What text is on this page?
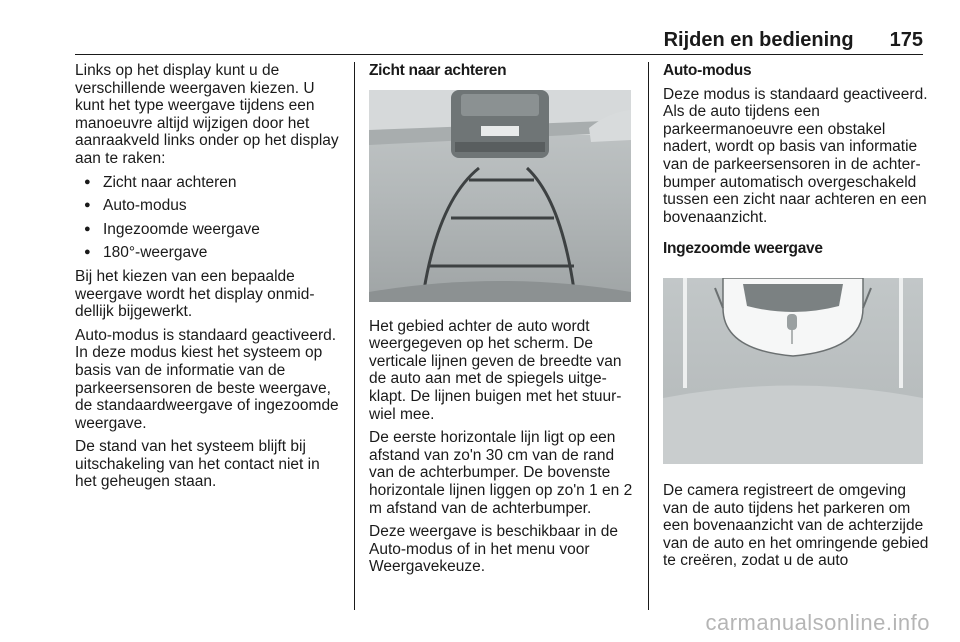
Rijden en bediening 175

Links op het display kunt u de verschillende weergaven kiezen. U kunt het type weergave tijdens een manoeuvre altijd wijzigen door het aanraakveld links onder op het display aan te raken:

● Zicht naar achteren
● Auto-modus
● Ingezoomde weergave
● 180°-weergave

Bij het kiezen van een bepaalde weergave wordt het display onmiddellijk bijgewerkt.

Auto-modus is standaard geactiveerd. In deze modus kiest het systeem op basis van de informatie van de parkeersensoren de beste weergave, de standaardweergave of ingezoomde weergave.

De stand van het systeem blijft bij uitschakeling van het contact niet in het geheugen staan.

Zicht naar achteren

Het gebied achter de auto wordt weergegeven op het scherm. De verticale lijnen geven de breedte van de auto aan met de spiegels uitgeklapt. De lijnen buigen met het stuurwiel mee.

De eerste horizontale lijn ligt op een afstand van zo'n 30 cm van de rand van de achterbumper. De bovenste horizontale lijnen liggen op zo'n 1 en 2 m afstand van de achterbumper.

Deze weergave is beschikbaar in de Auto-modus of in het menu voor Weergavekeuze.

Auto-modus

Deze modus is standaard geactiveerd. Als de auto tijdens een parkeermanoeuvre een obstakel nadert, wordt op basis van informatie van de parkeersensoren in de achterbumper automatisch overgeschakeld tussen een zicht naar achteren en een bovenaanzicht.

Ingezoomde weergave

De camera registreert de omgeving van de auto tijdens het parkeren om een bovenaanzicht van de achterzijde van de auto en het omringende gebied te creëren, zodat u de auto

carmanualsonline.info
